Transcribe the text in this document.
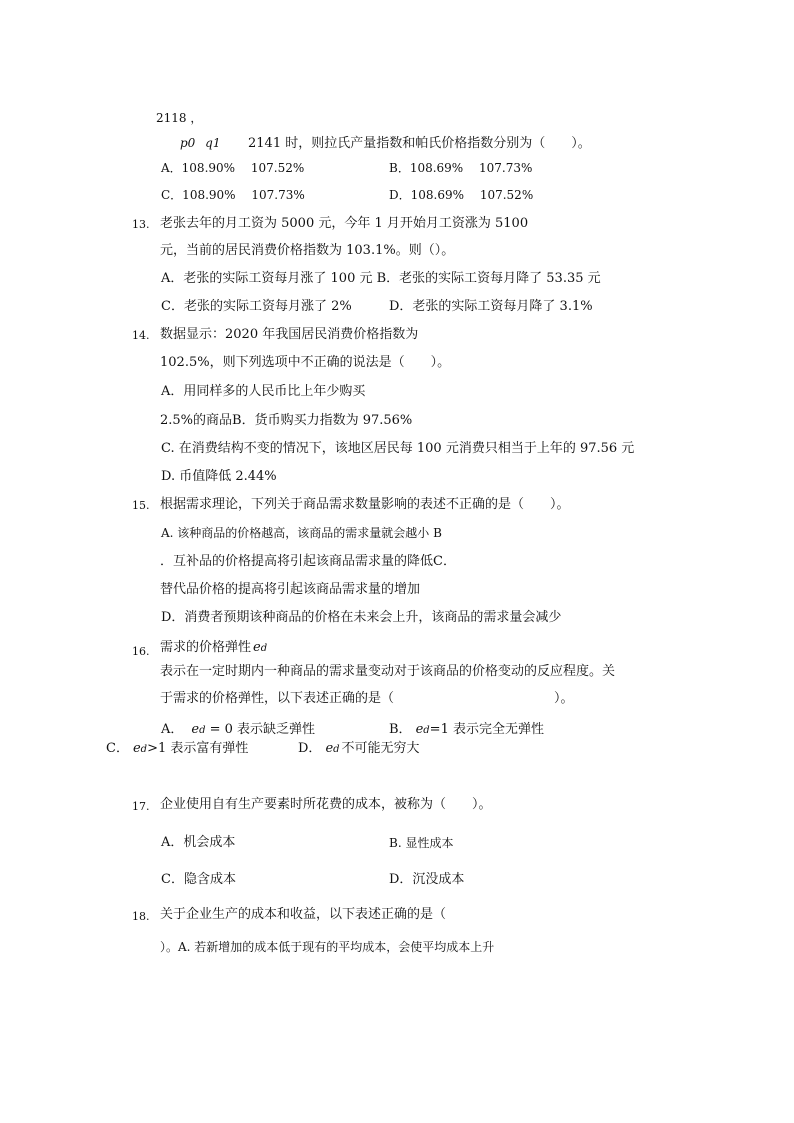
2118 ，
p0 q1 2141 时，则拉氏产量指数和帕氏价格指数分别为（　　）。
A．108.90%　 107.52%	B．108.69%　 107.73%
C．108.90%　 107.73%	D．108.69%　 107.52%
13. 老张去年的月工资为 5000 元，今年 1 月开始月工资涨为 5100
元，当前的居民消费价格指数为 103.1%。则（）。
A．老张的实际工资每月涨了 100 元 B．老张的实际工资每月降了 53.35 元
C．老张的实际工资每月涨了 2%	D．老张的实际工资每月降了 3.1%
14. 数据显示：2020 年我国居民消费价格指数为
102.5%，则下列选项中不正确的说法是（　　）。
A．用同样多的人民币比上年少购买
2.5%的商品B．货币购买力指数为 97.56%
C. 在消费结构不变的情况下，该地区居民每 100 元消费只相当于上年的 97.56 元
D. 币值降低 2.44%
15. 根据需求理论，下列关于商品需求数量影响的表述不正确的是（　　）。
A. 该种商品的价格越高，该商品的需求量就会越小 B
．互补品的价格提高将引起该商品需求量的降低C．
替代品价格的提高将引起该商品需求量的增加
D．消费者预期该种商品的价格在未来会上升，该商品的需求量会减少
16. 需求的价格弹性 ed
表示在一定时期内一种商品的需求量变动对于该商品的价格变动的反应程度。关
于需求的价格弹性，以下表述正确的是（	）。
A． ed = 0 表示缺乏弹性	B． ed=1 表示完全无弹性
C． ed>1 表示富有弹性	D． ed 不可能无穷大
17. 企业使用自有生产要素时所花费的成本，被称为（　　）。
A．机会成本	B. 显性成本
C．隐含成本	D．沉没成本
18. 关于企业生产的成本和收益，以下表述正确的是（
）。A. 若新增加的成本低于现有的平均成本，会使平均成本上升
